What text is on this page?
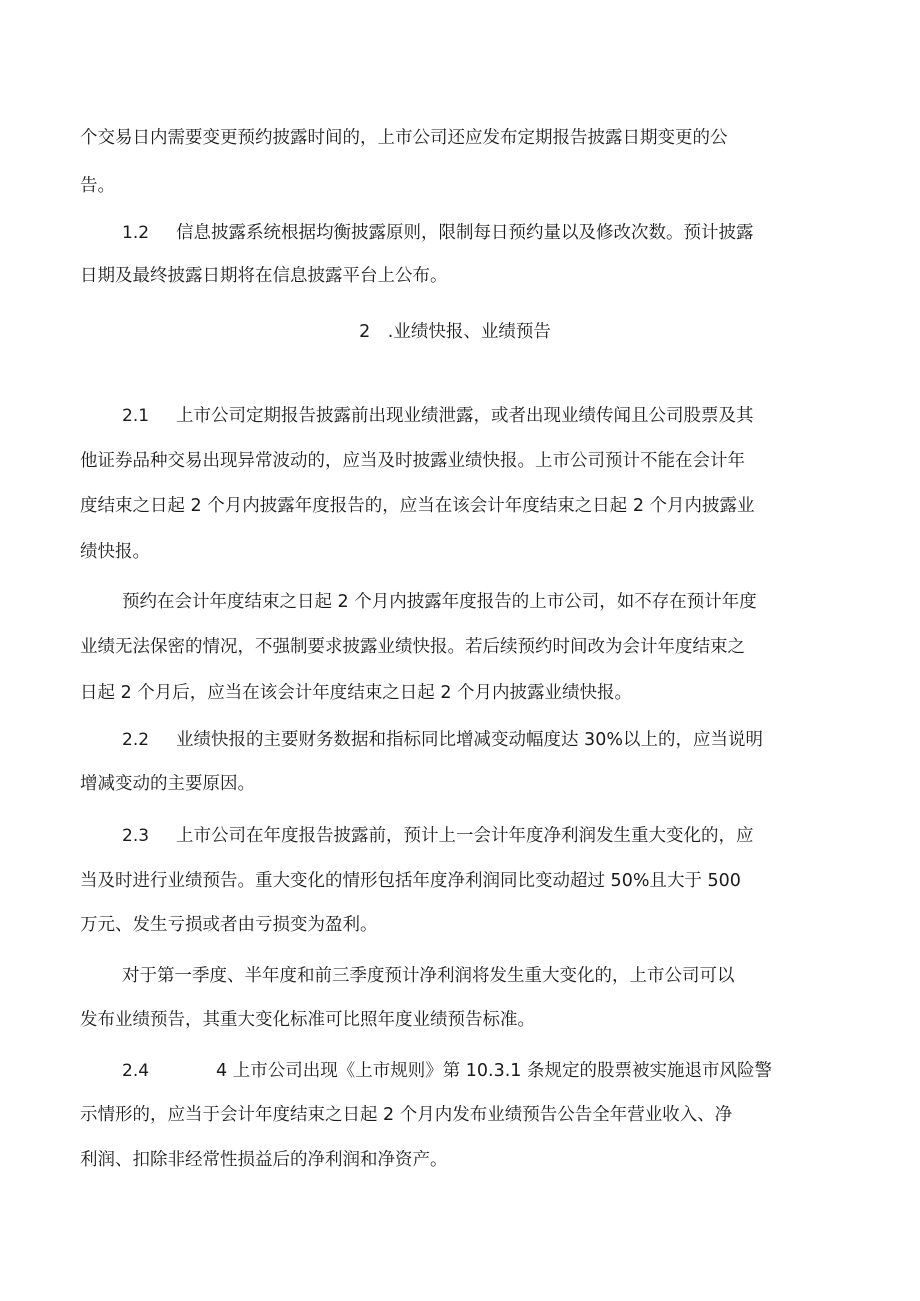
个交易日内需要变更预约披露时间的，上市公司还应发布定期报告披露日期变更的公
告。
1.2 信息披露系统根据均衡披露原则，限制每日预约量以及修改次数。预计披露
日期及最终披露日期将在信息披露平台上公布。
2　.业绩快报、业绩预告
2.1 上市公司定期报告披露前出现业绩泄露，或者出现业绩传闻且公司股票及其
他证券品种交易出现异常波动的，应当及时披露业绩快报。上市公司预计不能在会计年
度结束之日起 2 个月内披露年度报告的，应当在该会计年度结束之日起 2 个月内披露业
绩快报。
预约在会计年度结束之日起 2 个月内披露年度报告的上市公司，如不存在预计年度
业绩无法保密的情况，不强制要求披露业绩快报。若后续预约时间改为会计年度结束之
日起 2 个月后，应当在该会计年度结束之日起 2 个月内披露业绩快报。
2.2 业绩快报的主要财务数据和指标同比增减变动幅度达 30%以上的，应当说明
增减变动的主要原因。
2.3 上市公司在年度报告披露前，预计上一会计年度净利润发生重大变化的，应
当及时进行业绩预告。重大变化的情形包括年度净利润同比变动超过 50%且大于 500
万元、发生亏损或者由亏损变为盈利。
对于第一季度、半年度和前三季度预计净利润将发生重大变化的，上市公司可以
发布业绩预告，其重大变化标准可比照年度业绩预告标准。
2.4	4 上市公司出现《上市规则》第 10.3.1 条规定的股票被实施退市风险警
示情形的，应当于会计年度结束之日起 2 个月内发布业绩预告公告全年营业收入、净
利润、扣除非经常性损益后的净利润和净资产。
